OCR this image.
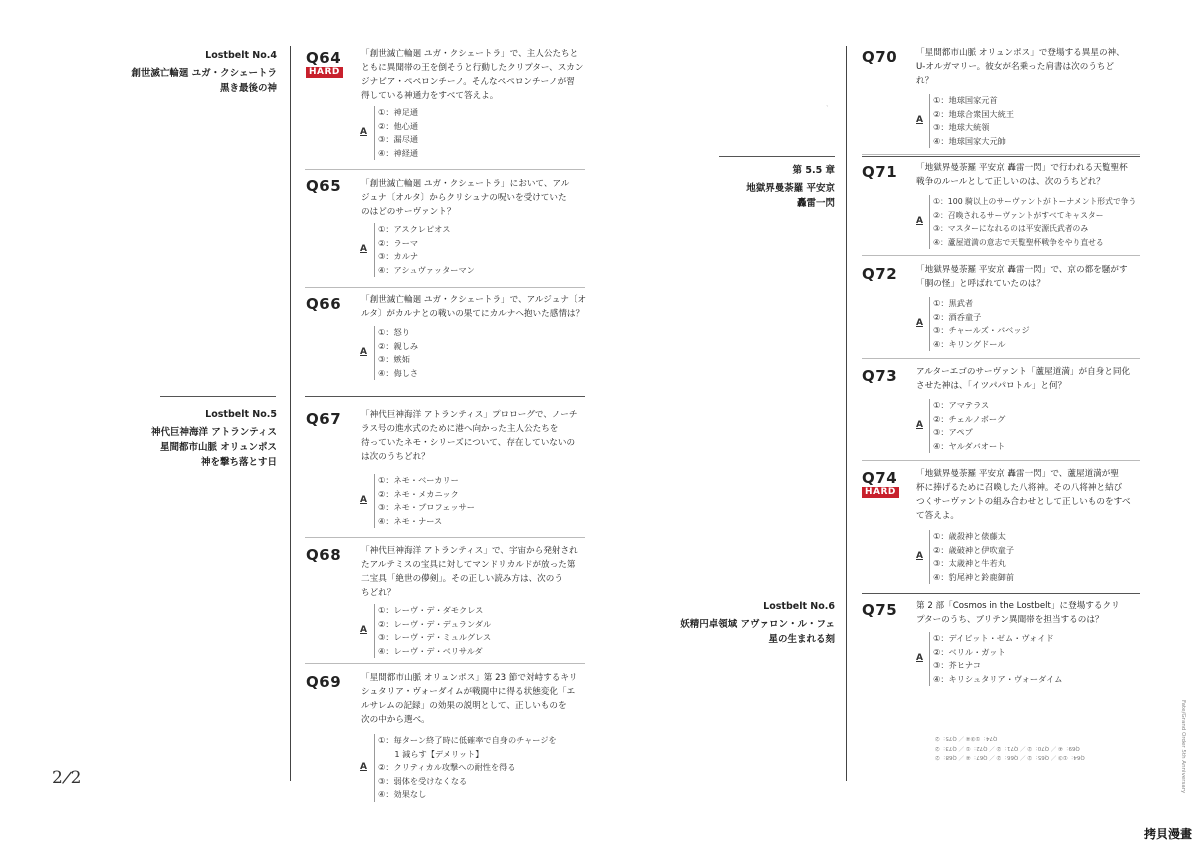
Lostbelt No.4
創世滅亡輪廻 ユガ・クシェートラ
黒き最後の神
Lostbelt No.5
神代巨神海洋 アトランティス
星間都市山脈 オリュンポス
神を撃ち落とす日
第 5.5 章
地獄界曼荼羅 平安京
轟雷一閃
Lostbelt No.6
妖精円卓領域 アヴァロン・ル・フェ
星の生まれる刻
Q64
HARD
「創世滅亡輪廻 ユガ・クシェートラ」で、主人公たちと
ともに異聞帯の王を倒そうと行動したクリプター、スカン
ジナビア・ペペロンチーノ。そんなペペロンチーノが習
得している神通力をすべて答えよ。
A
①：神足通
②：他心通
③：漏尽通
④：神経通
Q65 「創世滅亡輪廻 ユガ・クシェートラ」において、アル
ジュナ〔オルタ〕からクリシュナの呪いを受けていた
のはどのサーヴァント？
A
①：アスクレピオス
②：ラーマ
③：カルナ
④：アシュヴァッターマン
Q66 「創世滅亡輪廻 ユガ・クシェートラ」で、アルジュナ〔オ
ルタ〕がカルナとの戦いの果てにカルナへ抱いた感情は？
A
①：怒り
②：親しみ
③：嫉妬
④：侮しさ
Q67 「神代巨神海洋 アトランティス」プロローグで、ノーチ
ラス号の進水式のために港へ向かった主人公たちを
待っていたネモ・シリーズについて、存在していないの
は次のうちどれ？
A
①：ネモ・ベーカリー
②：ネモ・メカニック
③：ネモ・プロフェッサー
④：ネモ・ナース
Q68 「神代巨神海洋 アトランティス」で、宇宙から発射され
たアルテミスの宝具に対してマンドリカルドが放った第
二宝具「絶世の儚剣」。その正しい読み方は、次のう
ちどれ？
A
①：レーヴ・デ・ダモクレス
②：レーヴ・デ・デュランダル
③：レーヴ・デ・ミュルグレス
④：レーヴ・デ・ベリサルダ
Q69 「星間都市山脈 オリュンポス」第 23 節で対峙するキリ
シュタリア・ヴォーダイムが戦闘中に得る状態変化「エ
ルサレムの記録」の効果の説明として、正しいものを
次の中から選べ。
A
①：毎ターン終了時に低確率で自身のチャージを
　　1 減らす【デメリット】
②：クリティカル攻撃への耐性を得る
③：弱体を受けなくなる
④：効果なし
Q70 「星間都市山脈 オリュンポス」で登場する異星の神、
U-オルガマリー。彼女が名乗った肩書は次のうちど
れ？
A
①：地球国家元首
②：地球合衆国大統王
③：地球大統領
④：地球国家大元帥
Q71 「地獄界曼荼羅 平安京 轟雷一閃」で行われる天覧聖杯
戦争のルールとして正しいのは、次のうちどれ？
A
①：100 騎以上のサーヴァントがトーナメント形式で争う
②：召喚されるサーヴァントがすべてキャスター
③：マスターになれるのは平安源氏武者のみ
④：蘆屋道満の意志で天覧聖杯戦争をやり直せる
Q72 「地獄界曼荼羅 平安京 轟雷一閃」で、京の都を騒がす
「胴の怪」と呼ばれていたのは？
A
①：黒武者
②：酒呑童子
③：チャールズ・バベッジ
④：キリングドール
Q73 アルターエゴのサーヴァント「蘆屋道満」が自身と同化
させた神は、「イツパパロトル」と何？
A
①：アマテラス
②：チェルノボーグ
③：アペプ
④：ヤルダバオート
Q74
HARD
「地獄界曼荼羅 平安京 轟雷一閃」で、蘆屋道満が聖
杯に捧げるために召喚した八将神。その八将神と結び
つくサーヴァントの組み合わせとして正しいものをすべ
て答えよ。
A
①：歳殺神と俵藤太
②：歳破神と伊吹童子
③：太歳神と牛若丸
④：豹尾神と鈴鹿御前
Q75 第 2 部「Cosmos in the Lostbelt」に登場するクリ
プターのうち、ブリテン異聞帯を担当するのは？
A
①：デイビット・ゼム・ヴォイド
②：ベリル・ガット
③：芥ヒナコ
④：キリシュタリア・ヴォーダイム
2/2
Q64：①③ ／ Q65：② ／ Q66：② ／ Q67：④ ／ Q68：②
Q69：④ ／ Q70：② ／ Q71：② ／ Q72：① ／ Q73：②
Q74：①③④ ／ Q75：②	Fate/Grand Order 5th Anniversary
ˎ
拷貝漫畫
